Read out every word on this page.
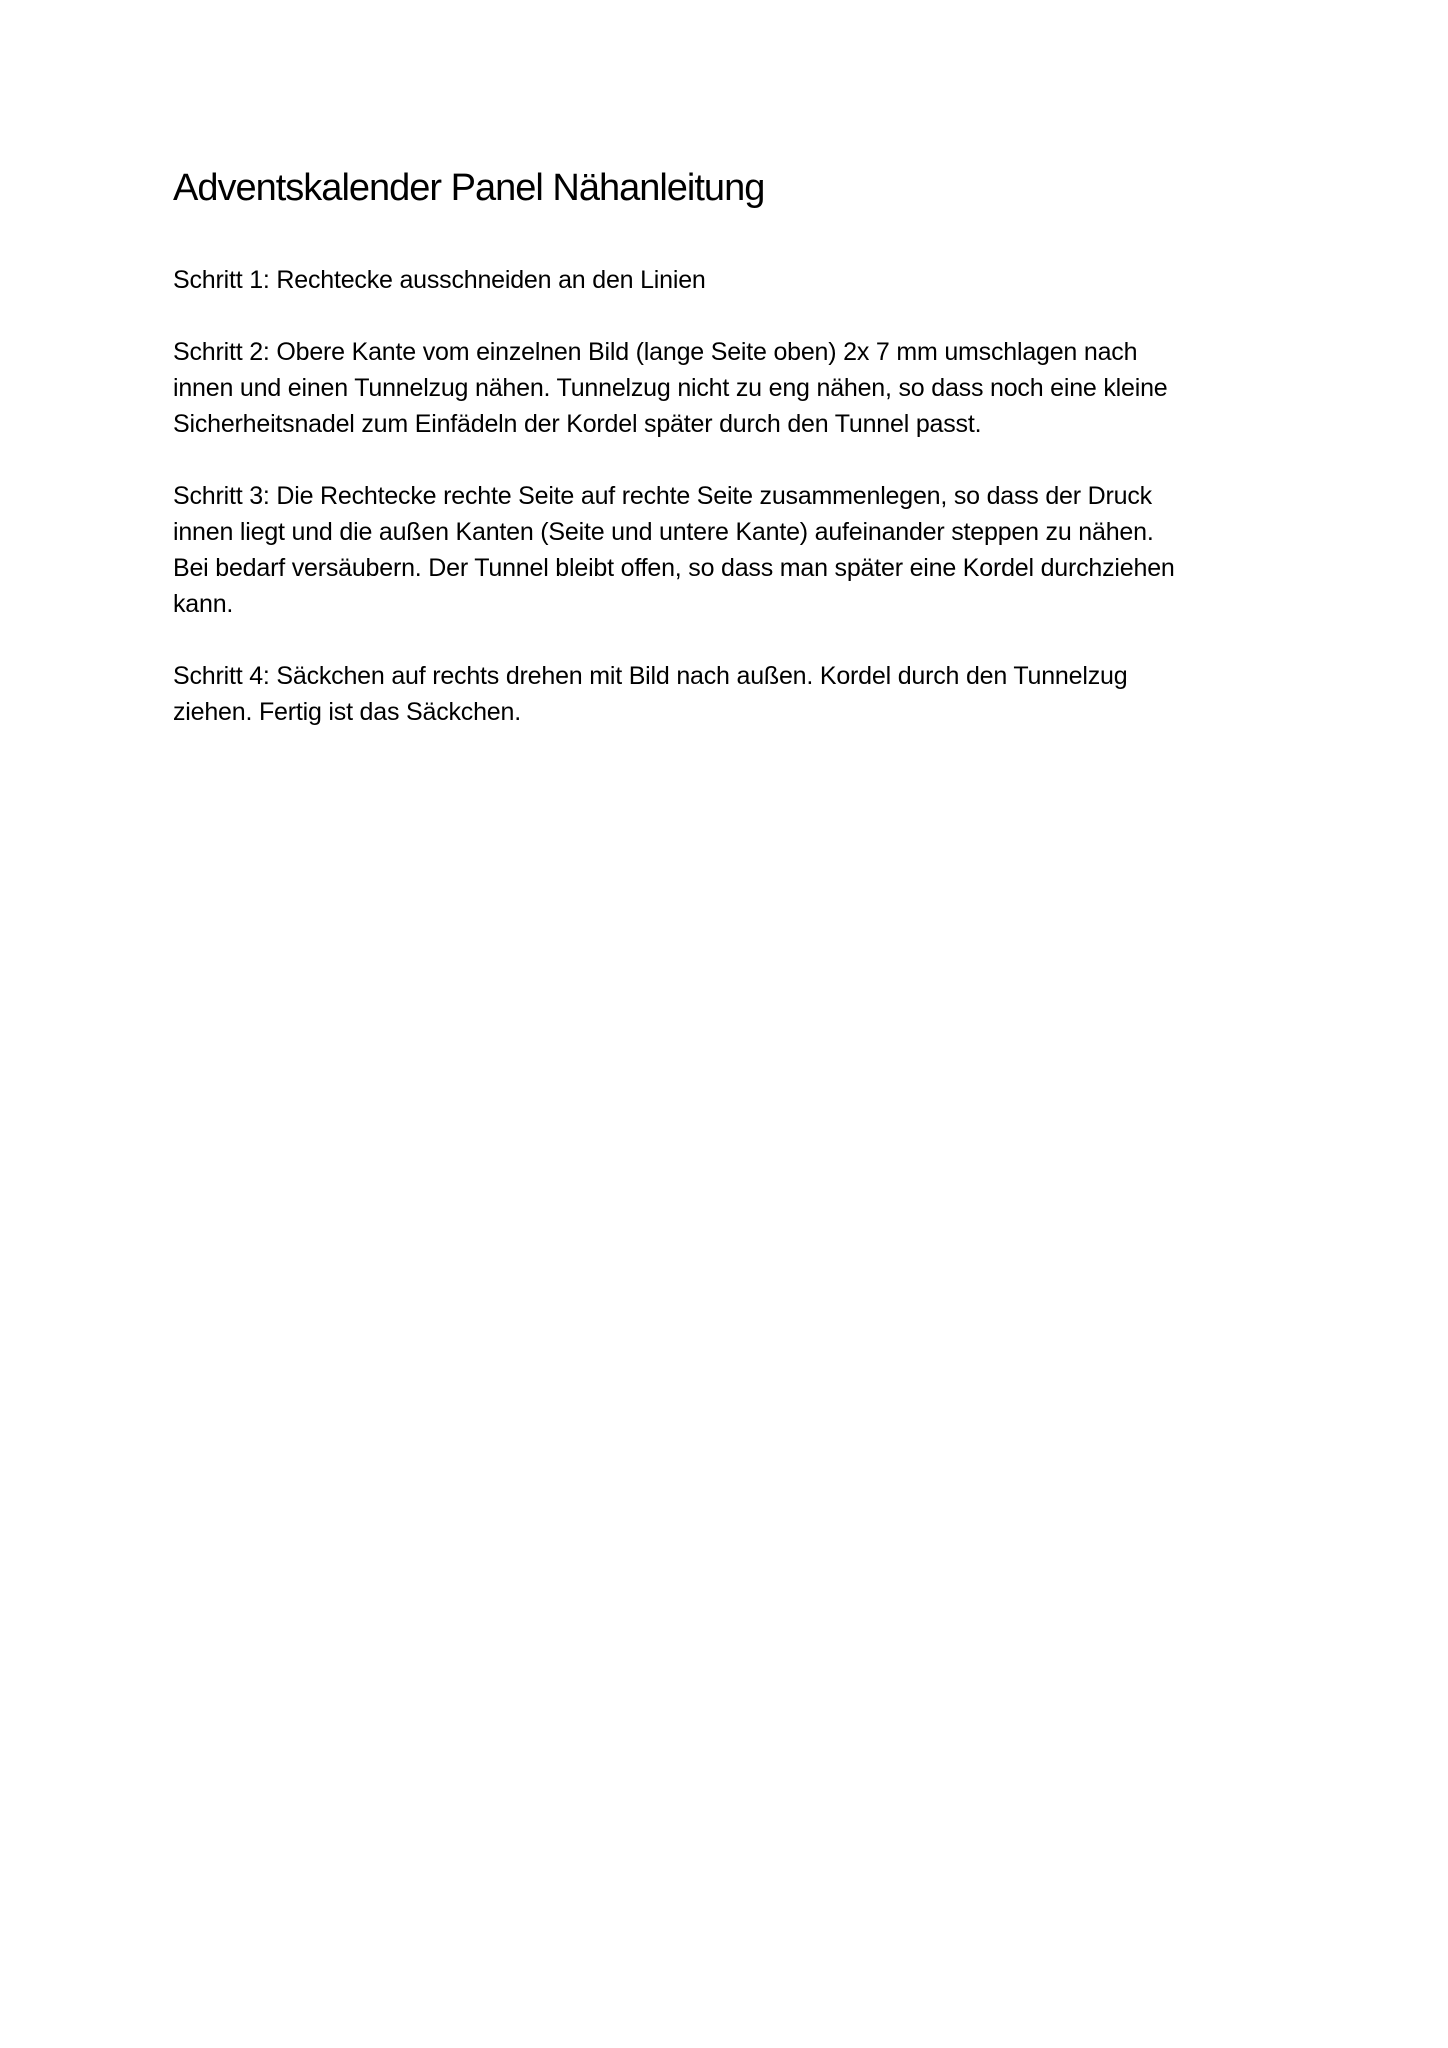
Adventskalender Panel Nähanleitung

Schritt 1: Rechtecke ausschneiden an den Linien

Schritt 2: Obere Kante vom einzelnen Bild (lange Seite oben) 2x 7 mm umschlagen nach
innen und einen Tunnelzug nähen. Tunnelzug nicht zu eng nähen, so dass noch eine kleine
Sicherheitsnadel zum Einfädeln der Kordel später durch den Tunnel passt.

Schritt 3: Die Rechtecke rechte Seite auf rechte Seite zusammenlegen, so dass der Druck
innen liegt und die außen Kanten (Seite und untere Kante) aufeinander steppen zu nähen.
Bei bedarf versäubern. Der Tunnel bleibt offen, so dass man später eine Kordel durchziehen
kann.

Schritt 4: Säckchen auf rechts drehen mit Bild nach außen. Kordel durch den Tunnelzug
ziehen. Fertig ist das Säckchen.
